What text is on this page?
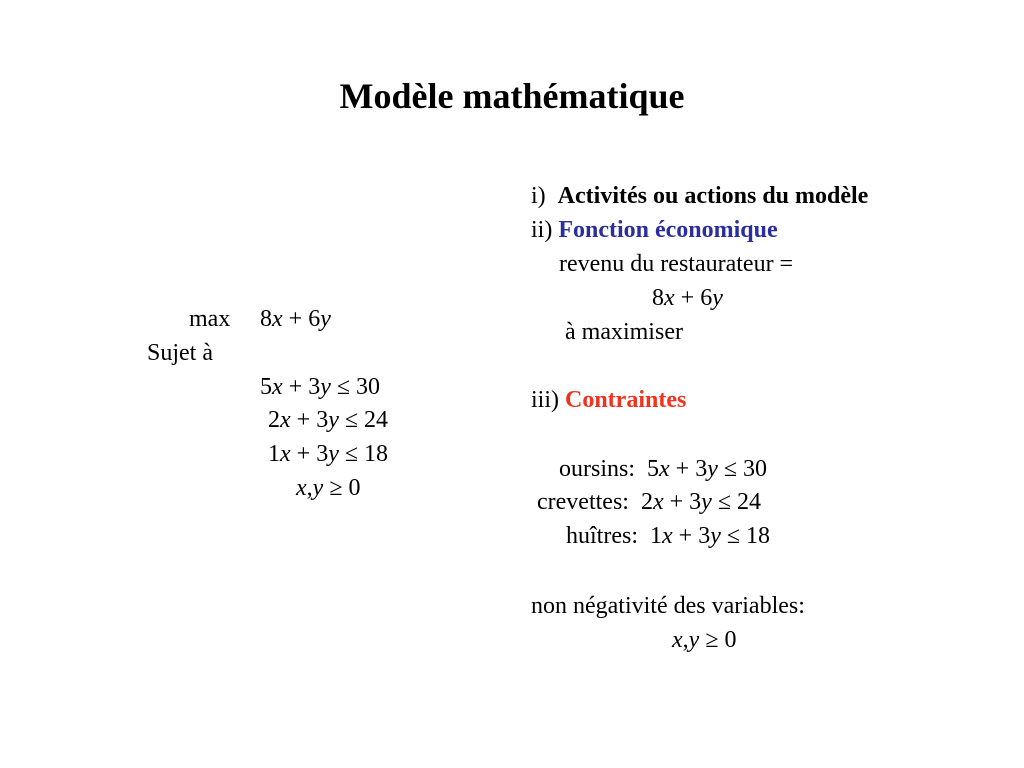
Modèle mathématique
max 8x + 6y
Sujet à
5x + 3y ≤ 30
2x + 3y ≤ 24
1x + 3y ≤ 18
x,y ≥ 0
i)  Activités ou actions du modèle
ii) Fonction économique
revenu du restaurateur =
8x + 6y
à maximiser
iii) Contraintes
oursins:  5x + 3y ≤ 30
crevettes:  2x + 3y ≤ 24
huîtres:  1x + 3y ≤ 18
non négativité des variables:
x,y ≥ 0
